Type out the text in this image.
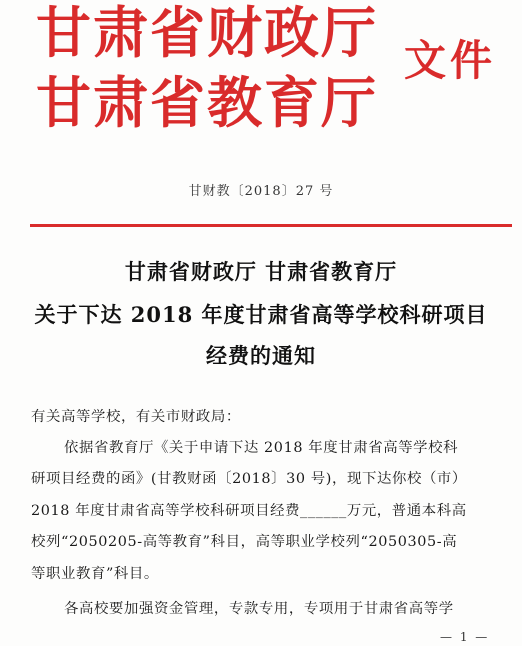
甘肃省财政厅
甘肃省教育厅
文件
甘财教〔2018〕27 号
甘肃省财政厅 甘肃省教育厅
关于下达 2018 年度甘肃省高等学校科研项目
经费的通知
有关高等学校，有关市财政局：
依据省教育厅《关于申请下达 2018 年度甘肃省高等学校科
研项目经费的函》(甘教财函〔2018〕30 号)，现下达你校（市）
2018 年度甘肃省高等学校科研项目经费______万元，普通本科高
校列“2050205-高等教育”科目，高等职业学校列“2050305-高
等职业教育”科目。
各高校要加强资金管理，专款专用，专项用于甘肃省高等学
— 1 —
